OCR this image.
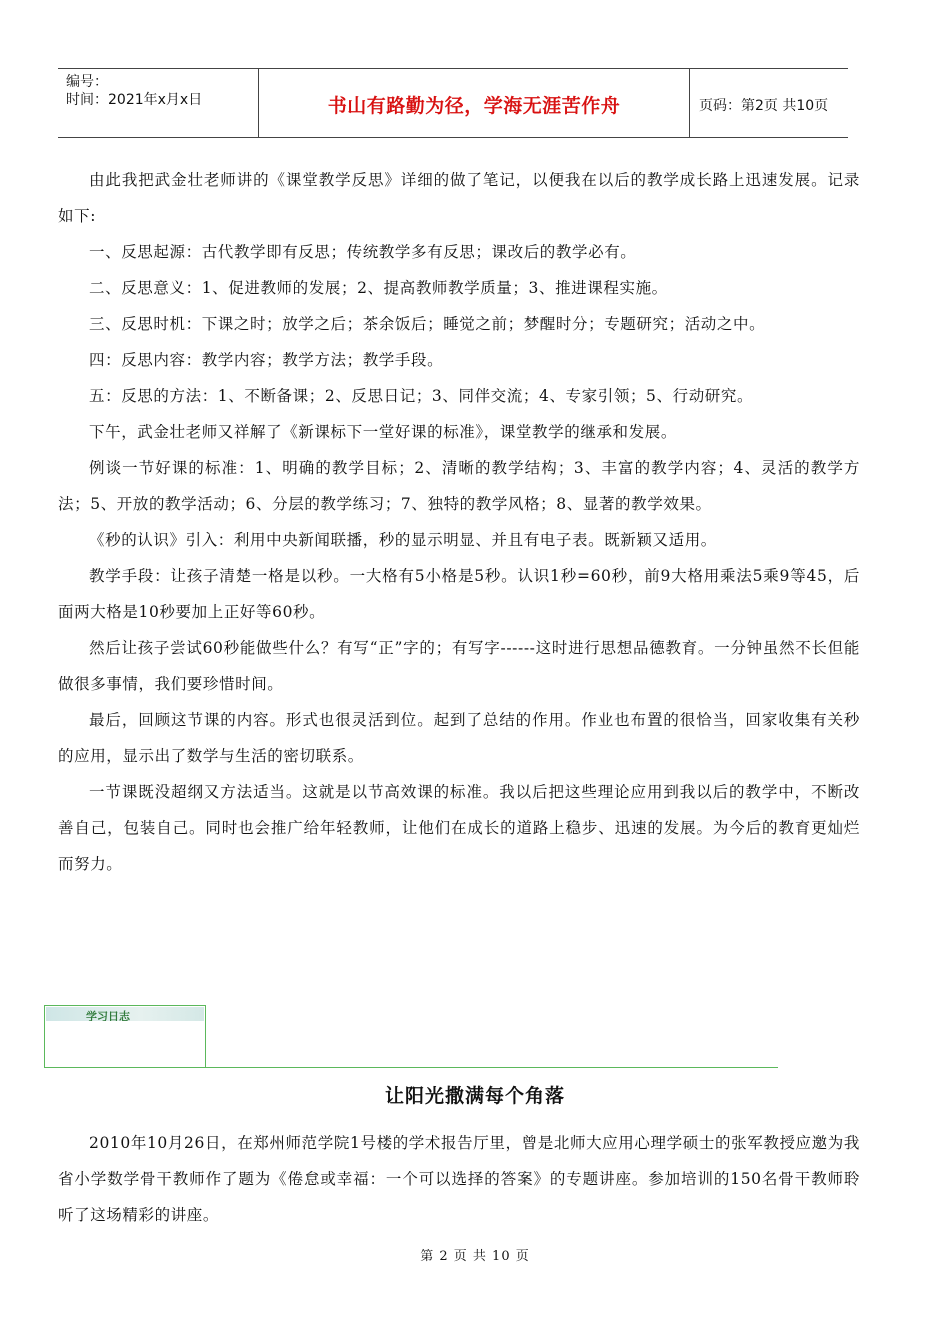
编号：
时间：2021年x月x日	书山有路勤为径，学海无涯苦作舟	页码：第2页 共10页

由此我把武金壮老师讲的《课堂教学反思》详细的做了笔记，以便我在以后的教学成长路上迅速发展。记录如下:

一、反思起源：古代教学即有反思；传统教学多有反思；课改后的教学必有。

二、反思意义：1、促进教师的发展；2、提高教师教学质量；3、推进课程实施。

三、反思时机：下课之时；放学之后；茶余饭后；睡觉之前；梦醒时分；专题研究；活动之中。

四：反思内容：教学内容；教学方法；教学手段。

五：反思的方法：1、不断备课；2、反思日记；3、同伴交流；4、专家引领；5、行动研究。

下午，武金壮老师又祥解了《新课标下一堂好课的标准》，课堂教学的继承和发展。

例谈一节好课的标准：1、明确的教学目标；2、清晰的教学结构；3、丰富的教学内容；4、灵活的教学方法；5、开放的教学活动；6、分层的教学练习；7、独特的教学风格；8、显著的教学效果。

《秒的认识》引入：利用中央新闻联播，秒的显示明显、并且有电子表。既新颖又适用。

教学手段：让孩子清楚一格是以秒。一大格有5小格是5秒。认识1秒=60秒，前9大格用乘法5乘9等45，后面两大格是10秒要加上正好等60秒。

然后让孩子尝试60秒能做些什么？有写“正”字的；有写字------这时进行思想品德教育。一分钟虽然不长但能做很多事情，我们要珍惜时间。

最后，回顾这节课的内容。形式也很灵活到位。起到了总结的作用。作业也布置的很恰当，回家收集有关秒的应用，显示出了数学与生活的密切联系。

一节课既没超纲又方法适当。这就是以节高效课的标准。我以后把这些理论应用到我以后的教学中，不断改善自己，包装自己。同时也会推广给年轻教师，让他们在成长的道路上稳步、迅速的发展。为今后的教育更灿烂而努力。

学习日志
让阳光撒满每个角落

2010年10月26日，在郑州师范学院1号楼的学术报告厅里，曾是北师大应用心理学硕士的张军教授应邀为我省小学数学骨干教师作了题为《倦怠或幸福：一个可以选择的答案》的专题讲座。参加培训的150名骨干教师聆听了这场精彩的讲座。

第 2 页 共 10 页
